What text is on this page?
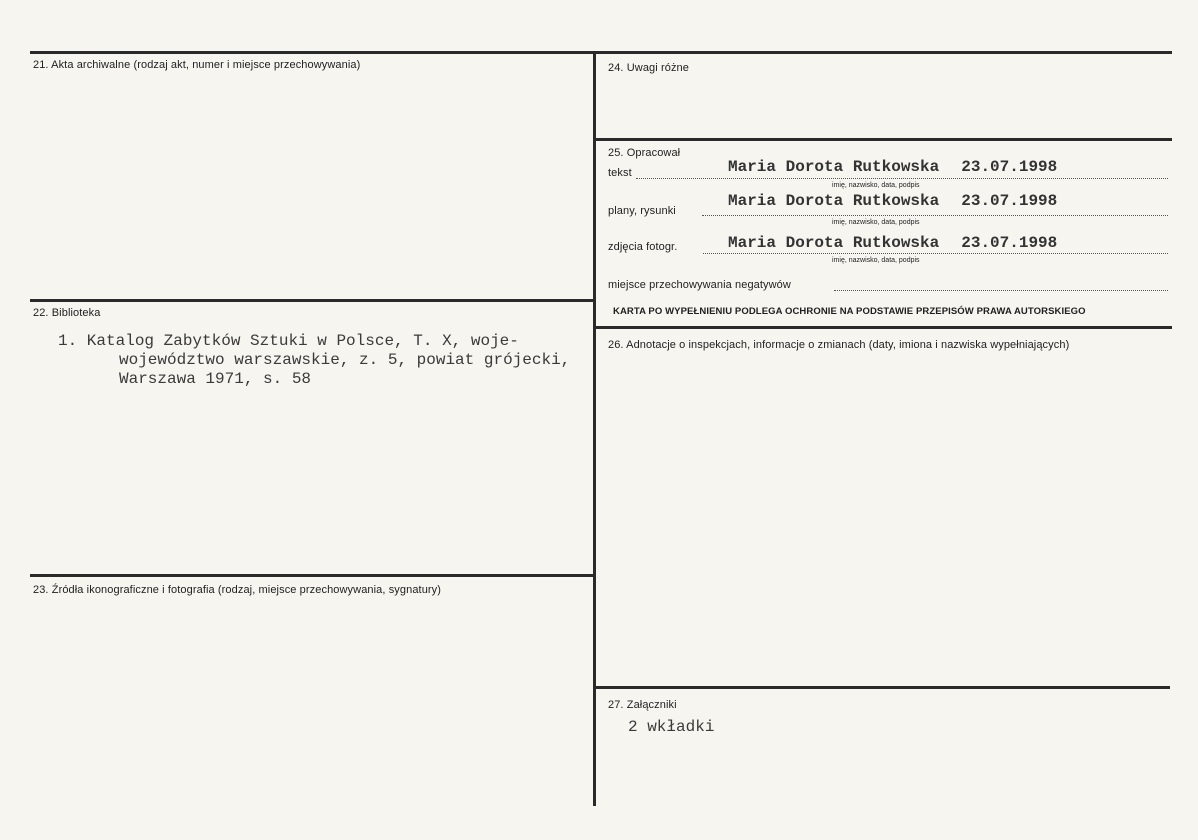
21. Akta archiwalne (rodzaj akt, numer i miejsce przechowywania)
22. Biblioteka
1. Katalog Zabytków Sztuki w Polsce, T. X, woje-
województwo warszawskie, z. 5, powiat grójecki,
Warszawa 1971, s. 58
23. Źródła ikonograficzne i fotografia (rodzaj, miejsce przechowywania, sygnatury)
24. Uwagi różne
25. Opracował
tekst	Maria Dorota Rutkowska 23.07.1998
imię, nazwisko, data, podpis
plany, rysunki
Maria Dorota Rutkowska 23.07.1998
imię, nazwisko, data, podpis
zdjęcia fotogr.	Maria Dorota Rutkowska 23.07.1998
imię, nazwisko, data, podpis
miejsce przechowywania negatywów
KARTA PO WYPEŁNIENIU PODLEGA OCHRONIE NA PODSTAWIE PRZEPISÓW PRAWA AUTORSKIEGO
26. Adnotacje o inspekcjach, informacje o zmianach (daty, imiona i nazwiska wypełniających)
27. Załączniki
2 wkładki
